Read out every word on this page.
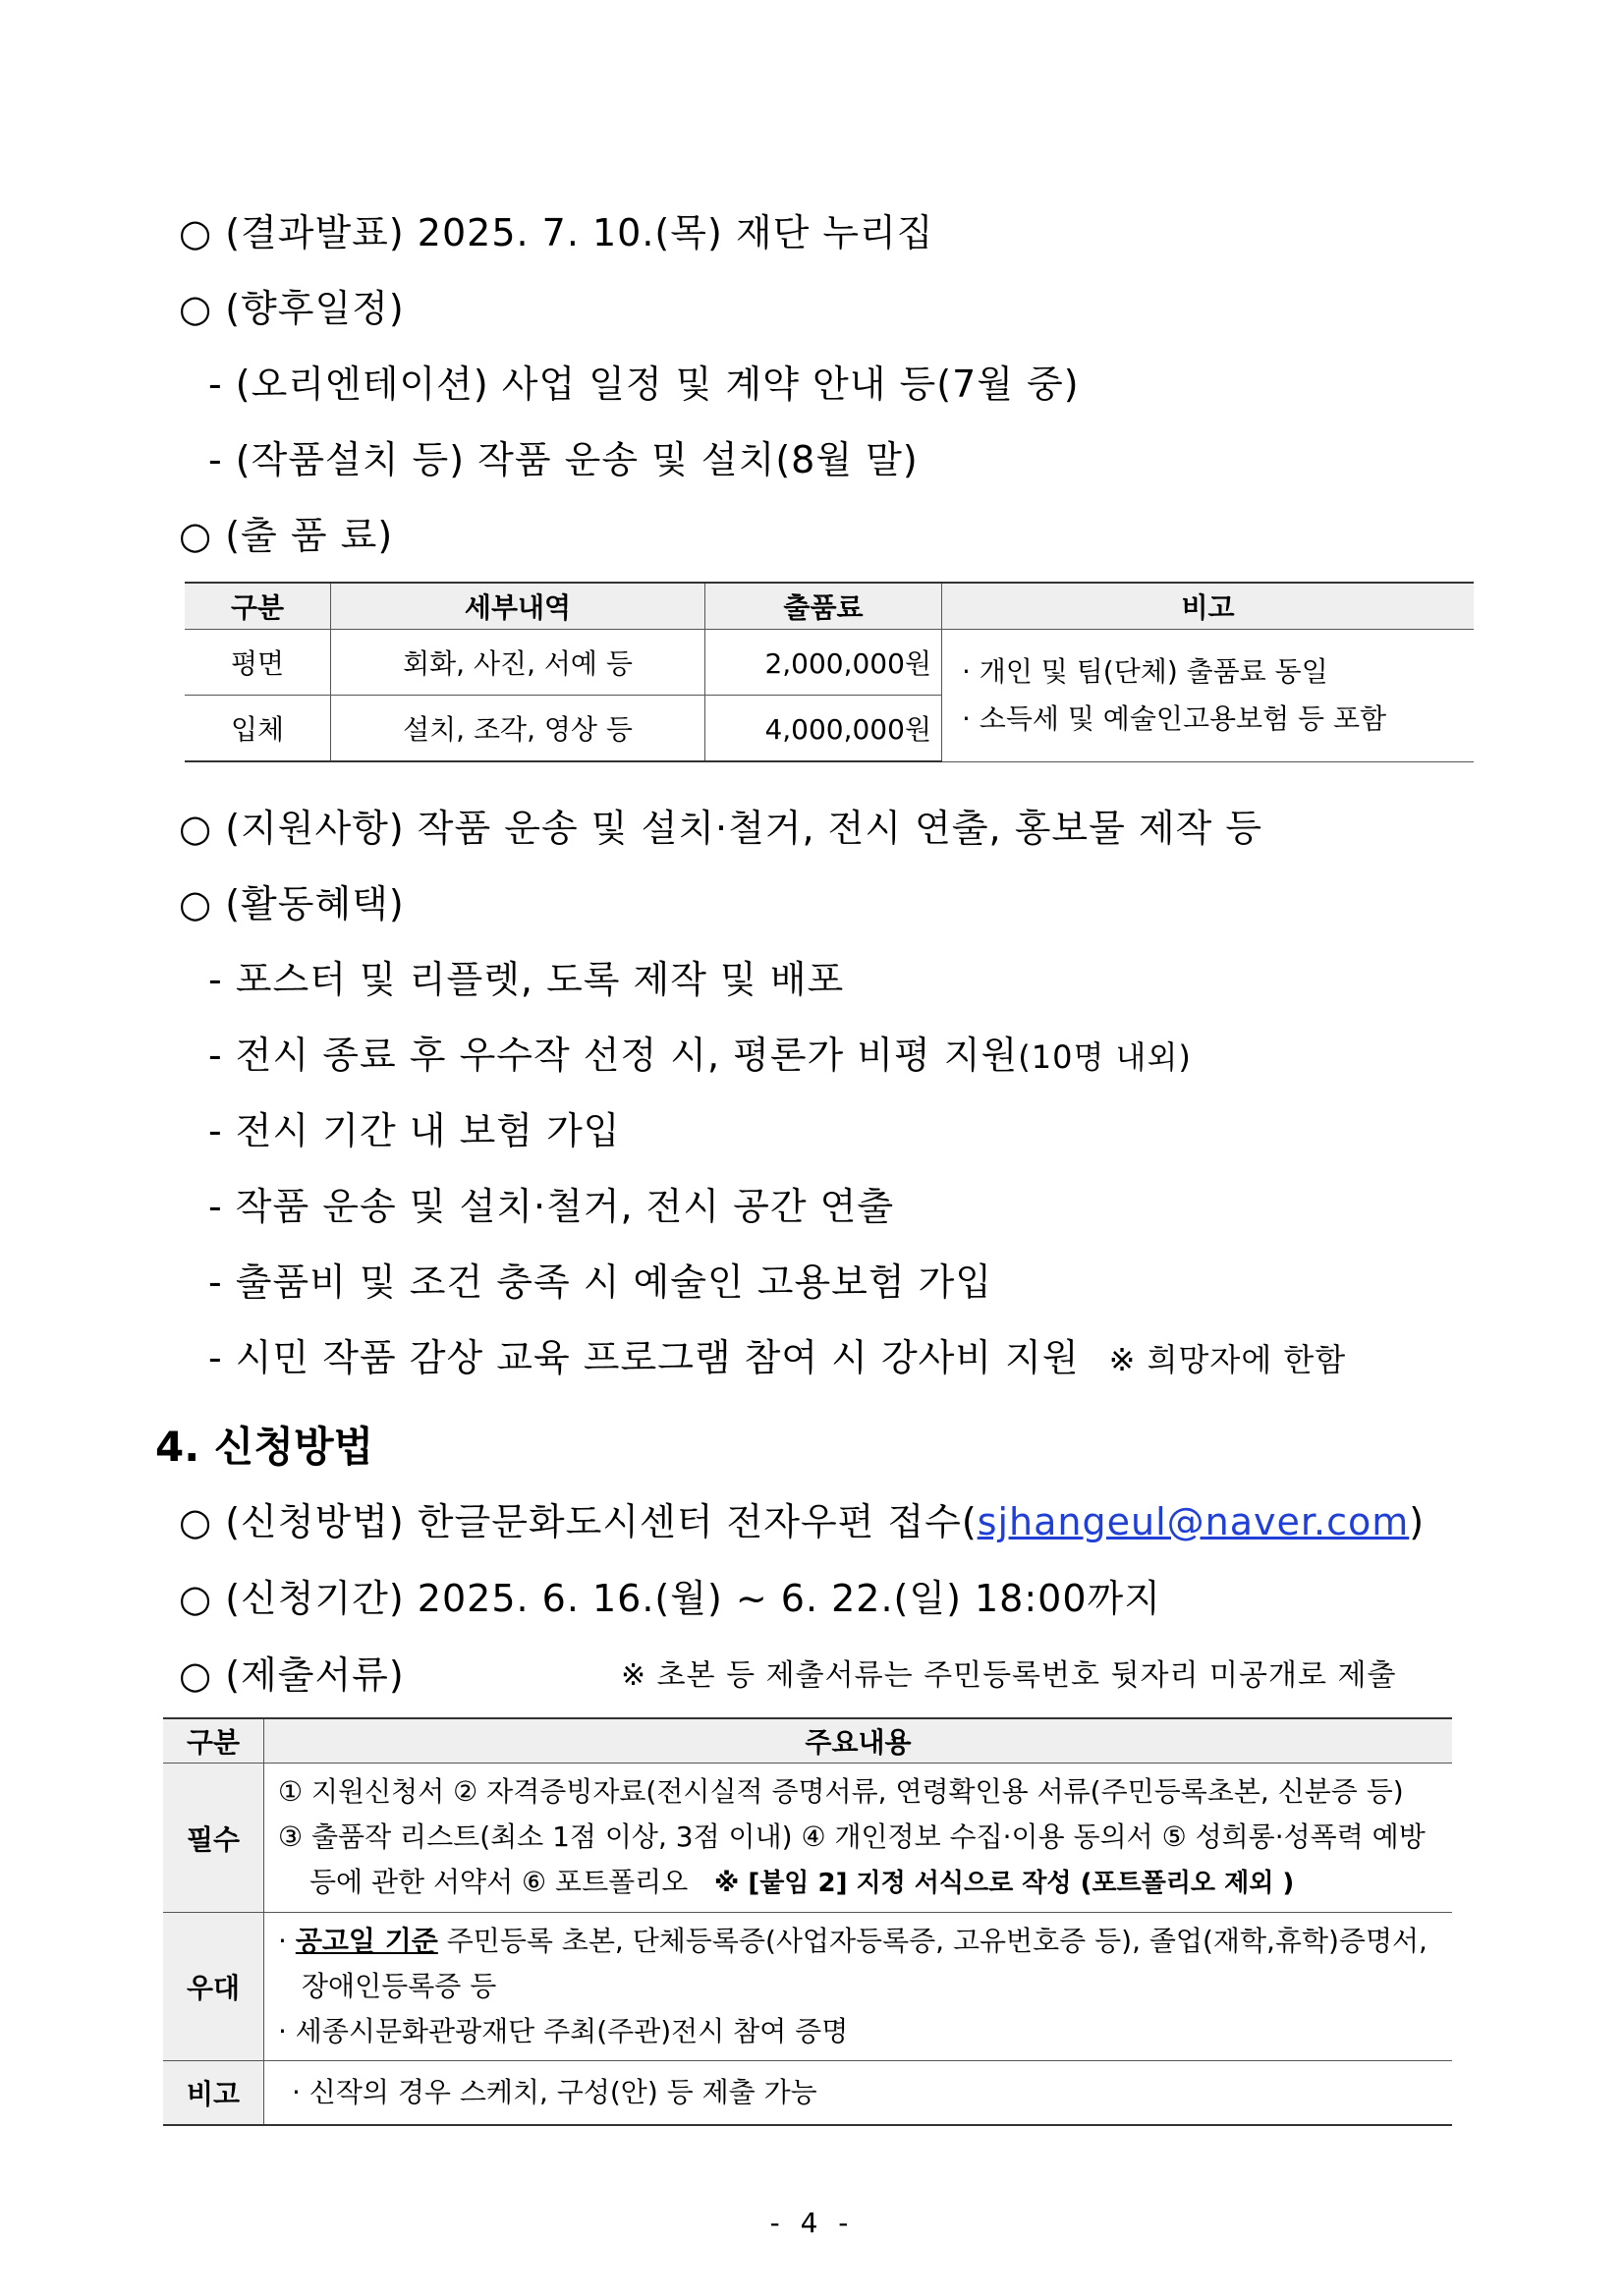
○ (결과발표) 2025. 7. 10.(목) 재단 누리집
○ (향후일정)
- (오리엔테이션) 사업 일정 및 계약 안내 등(7월 중)
- (작품설치 등) 작품 운송 및 설치(8월 말)
○ (출 품 료)
구분	세부내역	출품료	비고
평면	회화, 사진, 서예 등	2,000,000원	· 개인 및 팀(단체) 출품료 동일
· 소득세 및 예술인고용보험 등 포함

입체	설치, 조각, 영상 등	4,000,000원	
○ (지원사항) 작품 운송 및 설치·철거, 전시 연출, 홍보물 제작 등
○ (활동혜택)
- 포스터 및 리플렛, 도록 제작 및 배포
- 전시 종료 후 우수작 선정 시, 평론가 비평 지원(10명 내외)
- 전시 기간 내 보험 가입
- 작품 운송 및 설치·철거, 전시 공간 연출
- 출품비 및 조건 충족 시 예술인 고용보험 가입
- 시민 작품 감상 교육 프로그램 참여 시 강사비 지원 ※ 희망자에 한함
4. 신청방법
○ (신청방법) 한글문화도시센터 전자우편 접수(sjhangeul@naver.com)
○ (신청기간) 2025. 6. 16.(월) ~ 6. 22.(일) 18:00까지
○ (제출서류)	※ 초본 등 제출서류는 주민등록번호 뒷자리 미공개로 제출
구분	주요내용
필수	① 지원신청서 ② 자격증빙자료(전시실적 증명서류, 연령확인용 서류(주민등록초본, 신분증 등)
③ 출품작 리스트(최소 1점 이상, 3점 이내) ④ 개인정보 수집·이용 동의서 ⑤ 성희롱·성폭력 예방
등에 관한 서약서 ⑥ 포트폴리오 ※ [붙임 2] 지정 서식으로 작성 (포트폴리오 제외 )

우대	· 공고일 기준 주민등록 초본, 단체등록증(사업자등록증, 고유번호증 등), 졸업(재학,휴학)증명서,
장애인등록증 등
· 세종시문화관광재단 주최(주관)전시 참여 증명

비고	· 신작의 경우 스케치, 구성(안) 등 제출 가능
- 4 -
